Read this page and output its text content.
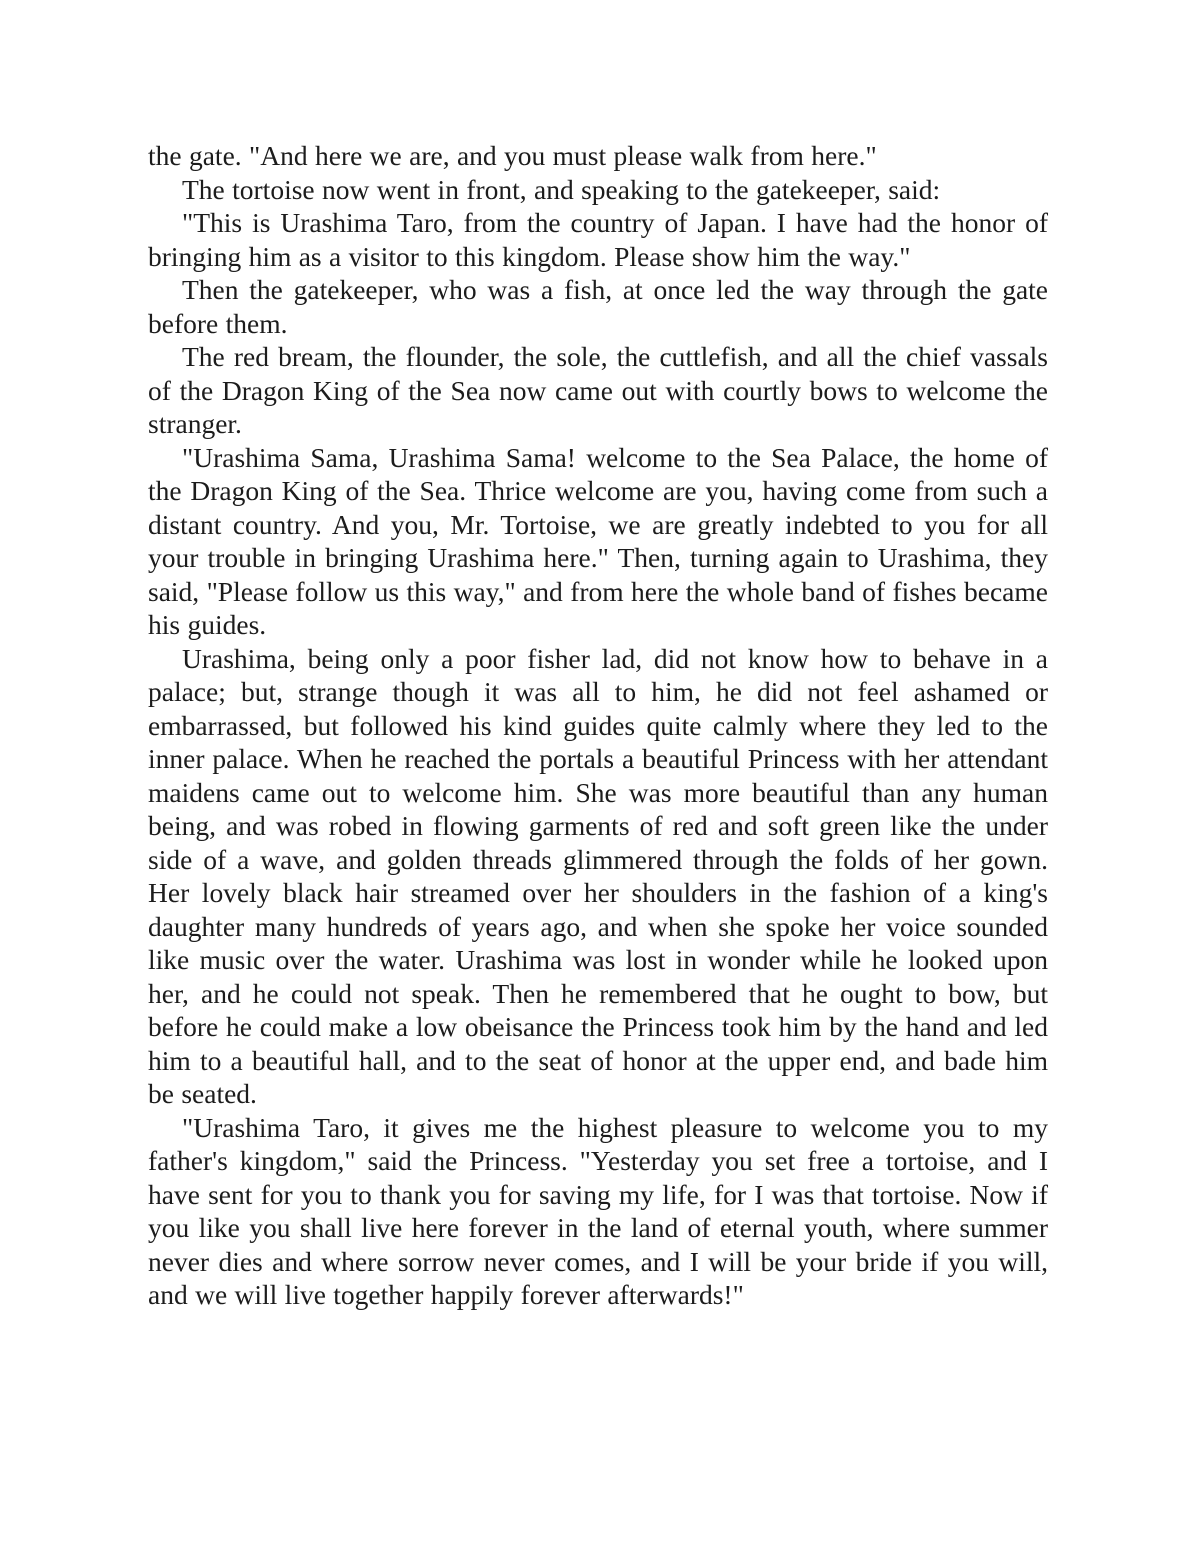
the gate. "And here we are, and you must please walk from here."

The tortoise now went in front, and speaking to the gatekeeper, said:

"This is Urashima Taro, from the country of Japan. I have had the honor of bringing him as a visitor to this kingdom. Please show him the way."

Then the gatekeeper, who was a fish, at once led the way through the gate before them.

The red bream, the flounder, the sole, the cuttlefish, and all the chief vassals of the Dragon King of the Sea now came out with courtly bows to welcome the stranger.

"Urashima Sama, Urashima Sama! welcome to the Sea Palace, the home of the Dragon King of the Sea. Thrice welcome are you, having come from such a distant country. And you, Mr. Tortoise, we are greatly indebted to you for all your trouble in bringing Urashima here." Then, turning again to Urashima, they said, "Please follow us this way," and from here the whole band of fishes became his guides.

Urashima, being only a poor fisher lad, did not know how to behave in a palace; but, strange though it was all to him, he did not feel ashamed or embarrassed, but followed his kind guides quite calmly where they led to the inner palace. When he reached the portals a beautiful Princess with her attendant maidens came out to welcome him. She was more beautiful than any human being, and was robed in flowing garments of red and soft green like the under side of a wave, and golden threads glimmered through the folds of her gown. Her lovely black hair streamed over her shoulders in the fashion of a king's daughter many hundreds of years ago, and when she spoke her voice sounded like music over the water. Urashima was lost in wonder while he looked upon her, and he could not speak. Then he remembered that he ought to bow, but before he could make a low obeisance the Princess took him by the hand and led him to a beautiful hall, and to the seat of honor at the upper end, and bade him be seated.

"Urashima Taro, it gives me the highest pleasure to welcome you to my father's kingdom," said the Princess. "Yesterday you set free a tortoise, and I have sent for you to thank you for saving my life, for I was that tortoise. Now if you like you shall live here forever in the land of eternal youth, where summer never dies and where sorrow never comes, and I will be your bride if you will, and we will live together happily forever afterwards!"
